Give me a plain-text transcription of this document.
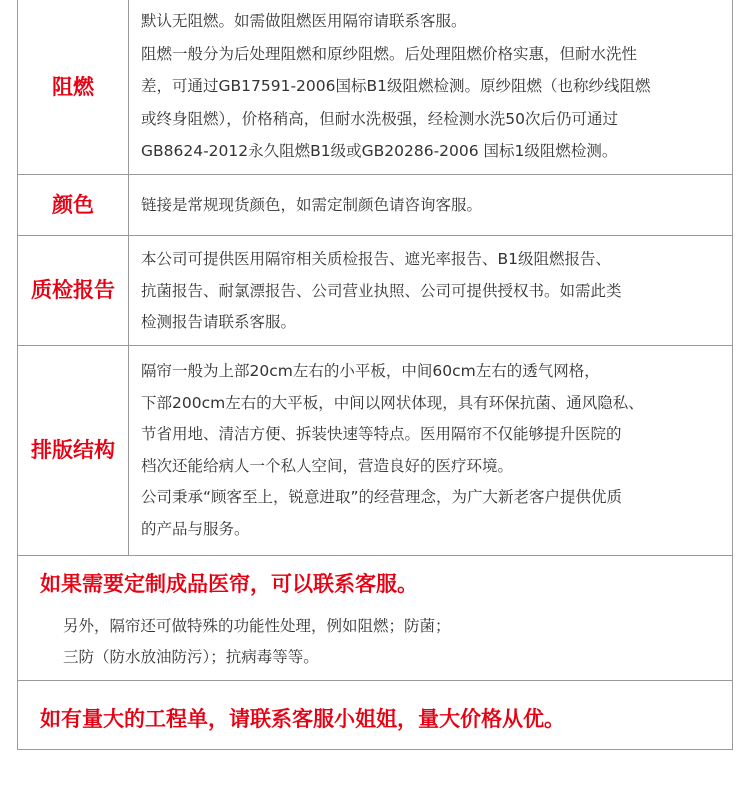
阻燃

默认无阻燃。如需做阻燃医用隔帘请联系客服。

阻燃一般分为后处理阻燃和原纱阻燃。后处理阻燃价格实惠，但耐水洗性

差，可通过GB17591-2006国标B1级阻燃检测。原纱阻燃（也称纱线阻燃

或终身阻燃），价格稍高，但耐水洗极强，经检测水洗50次后仍可通过

GB8624-2012永久阻燃B1级或GB20286-2006 国标1级阻燃检测。

颜色	链接是常规现货颜色，如需定制颜色请咨询客服。

质检 报告

本公司可提供医用隔帘相关质检报告、遮光率报告、B1级阻燃报告、

抗菌报告、耐氯漂报告、公司营业执照、公司可提供授权书。如需此类

检测报告请联系客服。

排版 结构

隔帘一般为上部20cm左右的小平板，中间60cm左右的透气网格，

下部200cm左右的大平板，中间以网状体现，具有环保抗菌、通风隐私、

节省用地、清洁方便、拆装快速等特点。医用隔帘不仅能够提升医院的

档次还能给病人一个私人空间，营造良好的医疗环境。

公司秉承“顾客至上，锐意进取”的经营理念，为广大新老客户提供优质

的产品与服务。

如果需要定制成品医帘，可以联系客服。

另外，隔帘还可做特殊的功能性处理，例如阻燃；防菌；

三防（防水放油防污）；抗病毒等等。

如有量大的工程单，请联系客服小姐姐，量大价格从优。
